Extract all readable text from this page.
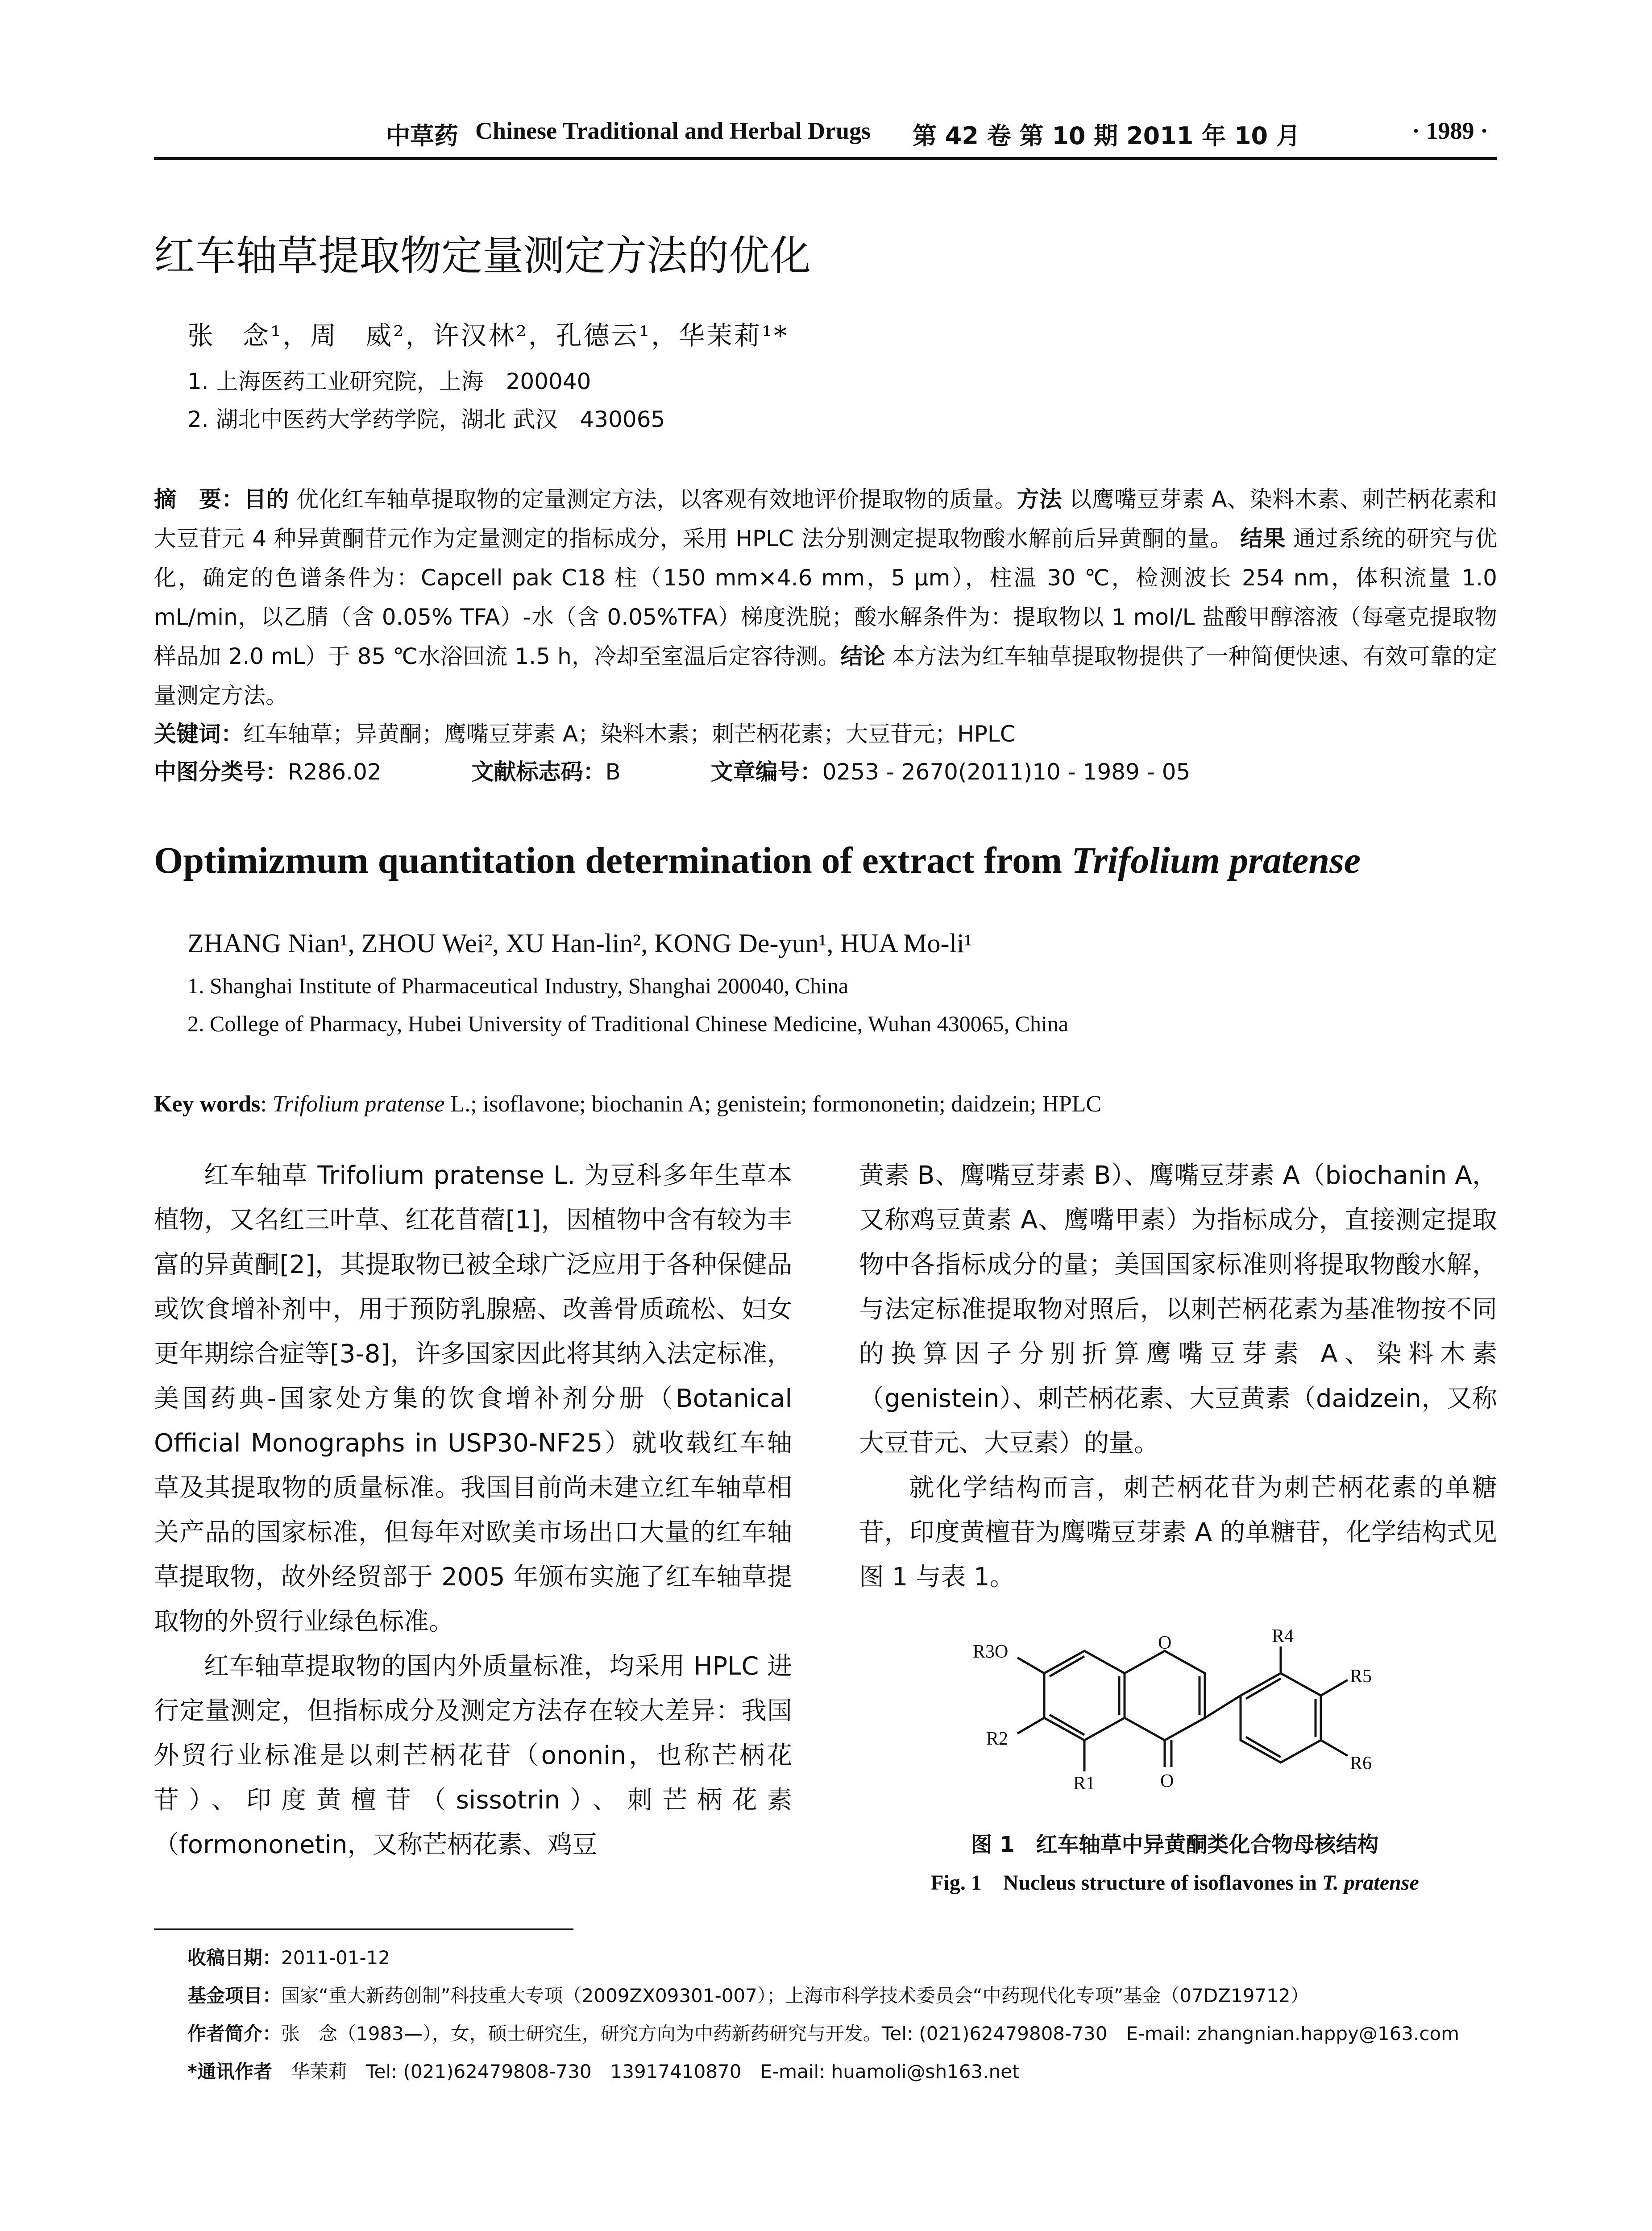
中草药 Chinese Traditional and Herbal Drugs 第 42 卷 第 10 期 2011 年 10 月	· 1989 ·
红车轴草提取物定量测定方法的优化
张　念¹，周　威²，许汉林²，孔德云¹，华茉莉¹*
1. 上海医药工业研究院，上海　200040
2. 湖北中医药大学药学院，湖北 武汉　430065
摘　要：目的 优化红车轴草提取物的定量测定方法，以客观有效地评价提取物的质量。方法 以鹰嘴豆芽素 A、染料木素、刺芒柄花素和大豆苷元 4 种异黄酮苷元作为定量测定的指标成分，采用 HPLC 法分别测定提取物酸水解前后异黄酮的量。 结果 通过系统的研究与优化，确定的色谱条件为：Capcell pak C18 柱（150 mm×4.6 mm，5 μm），柱温 30 ℃，检测波长 254 nm，体积流量 1.0 mL/min，以乙腈（含 0.05% TFA）-水（含 0.05%TFA）梯度洗脱；酸水解条件为：提取物以 1 mol/L 盐酸甲醇溶液（每毫克提取物样品加 2.0 mL）于 85 ℃水浴回流 1.5 h，冷却至室温后定容待测。结论 本方法为红车轴草提取物提供了一种简便快速、有效可靠的定量测定方法。
关键词：红车轴草；异黄酮；鹰嘴豆芽素 A；染料木素；刺芒柄花素；大豆苷元；HPLC
中图分类号：R286.02	文献标志码：B	文章编号：0253 - 2670(2011)10 - 1989 - 05
Optimizmum quantitation determination of extract from Trifolium pratense
ZHANG Nian¹, ZHOU Wei², XU Han-lin², KONG De-yun¹, HUA Mo-li¹
1. Shanghai Institute of Pharmaceutical Industry, Shanghai 200040, China
2. College of Pharmacy, Hubei University of Traditional Chinese Medicine, Wuhan 430065, China
Key words: Trifolium pratense L.; isoflavone; biochanin A; genistein; formononetin; daidzein; HPLC

红车轴草 Trifolium pratense L. 为豆科多年生草本植物，又名红三叶草、红花苜蓿[1]，因植物中含有较为丰富的异黄酮[2]，其提取物已被全球广泛应用于各种保健品或饮食增补剂中，用于预防乳腺癌、改善骨质疏松、妇女更年期综合症等[3-8]，许多国家因此将其纳入法定标准，美国药典-国家处方集的饮食增补剂分册（Botanical Official Monographs in USP30-NF25）就收载红车轴草及其提取物的质量标准。我国目前尚未建立红车轴草相关产品的国家标准，但每年对欧美市场出口大量的红车轴草提取物，故外经贸部于 2005 年颁布实施了红车轴草提取物的外贸行业绿色标准。

红车轴草提取物的国内外质量标准，均采用 HPLC 进行定量测定，但指标成分及测定方法存在较大差异：我国外贸行业标准是以刺芒柄花苷（ononin，也称芒柄花苷）、印度黄檀苷（sissotrin）、刺芒柄花素（formononetin，又称芒柄花素、鸡豆

黄素 B、鹰嘴豆芽素 B）、鹰嘴豆芽素 A（biochanin A，又称鸡豆黄素 A、鹰嘴甲素）为指标成分，直接测定提取物中各指标成分的量；美国国家标准则将提取物酸水解，与法定标准提取物对照后，以刺芒柄花素为基准物按不同的换算因子分别折算鹰嘴豆芽素 A、染料木素（genistein）、刺芒柄花素、大豆黄素（daidzein，又称大豆苷元、大豆素）的量。

就化学结构而言，刺芒柄花苷为刺芒柄花素的单糖苷，印度黄檀苷为鹰嘴豆芽素 A 的单糖苷，化学结构式见图 1 与表 1。

R3O	O	R4
R5
R2
R1	O
R6
图 1　红车轴草中异黄酮类化合物母核结构
Fig. 1　Nucleus structure of isoflavones in T. pratense
收稿日期：2011-01-12
基金项目：国家“重大新药创制”科技重大专项（2009ZX09301-007）；上海市科学技术委员会“中药现代化专项”基金（07DZ19712）
作者简介：张　念（1983—），女，硕士研究生，研究方向为中药新药研究与开发。Tel: (021)62479808-730　E-mail: zhangnian.happy@163.com
*通讯作者　 华茉莉　Tel: (021)62479808-730　13917410870　E-mail: huamoli@sh163.net
